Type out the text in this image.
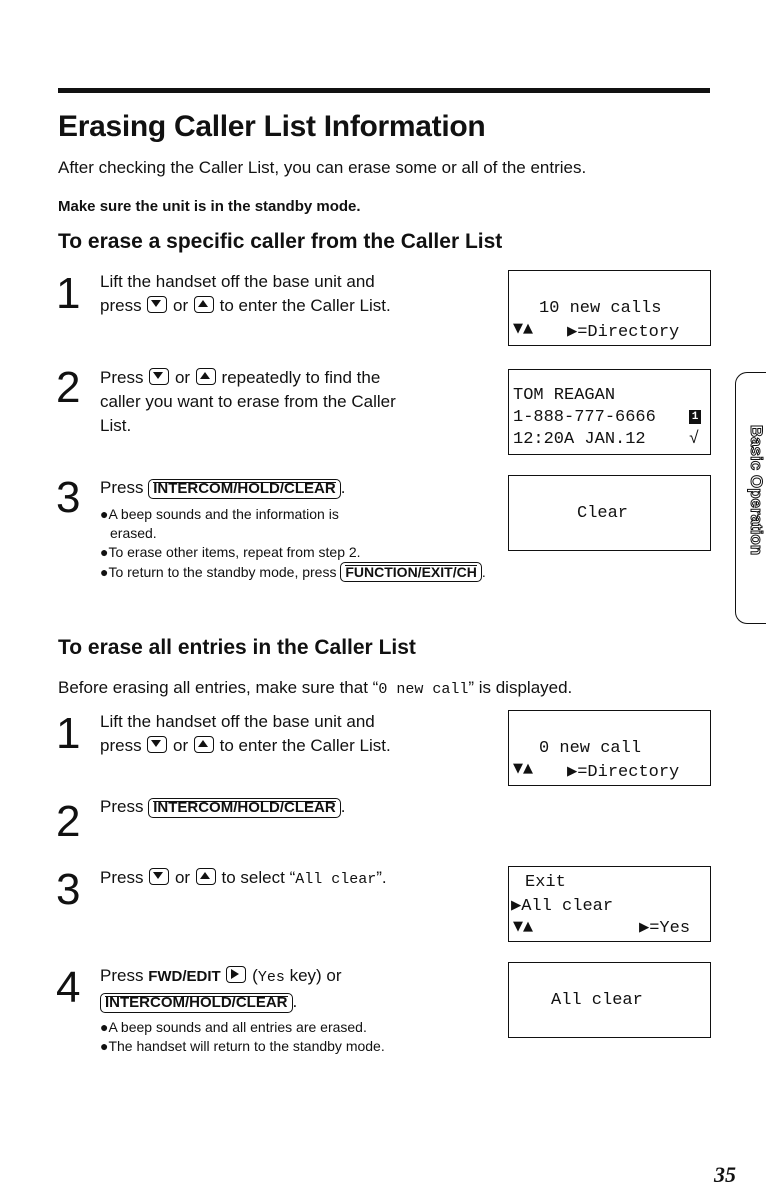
Erasing Caller List Information
After checking the Caller List, you can erase some or all of the entries.
Make sure the unit is in the standby mode.
To erase a specific caller from the Caller List
1 Lift the handset off the base unit and
press or to enter the Caller List.	10 new calls
▼▲ ▶=Directory
2 Press or repeatedly to find the
caller you want to erase from the Caller
List.
TOM REAGAN
1-888-777-6666	1
12:20A JAN.12	√
3 Press INTERCOM/HOLD/CLEAR .
●A beep sounds and the information is
erased.
●To erase other items, repeat from step 2.
●To return to the standby mode, press FUNCTION/EXIT/CH .
Clear
To erase all entries in the Caller List
Before erasing all entries, make sure that “0 new call” is displayed.
1 Lift the handset off the base unit and
press or to enter the Caller List.	0 new call
▼▲ ▶=Directory
2 Press INTERCOM/HOLD/CLEAR .
3 Press or to select “All clear”.	Exit
▶All clear
▼▲	▶=Yes
4 Press FWD/EDIT (Yes key) or
INTERCOM/HOLD/CLEAR .
●A beep sounds and all entries are erased.
●The handset will return to the standby mode.
All clear
Basic Operation
35
